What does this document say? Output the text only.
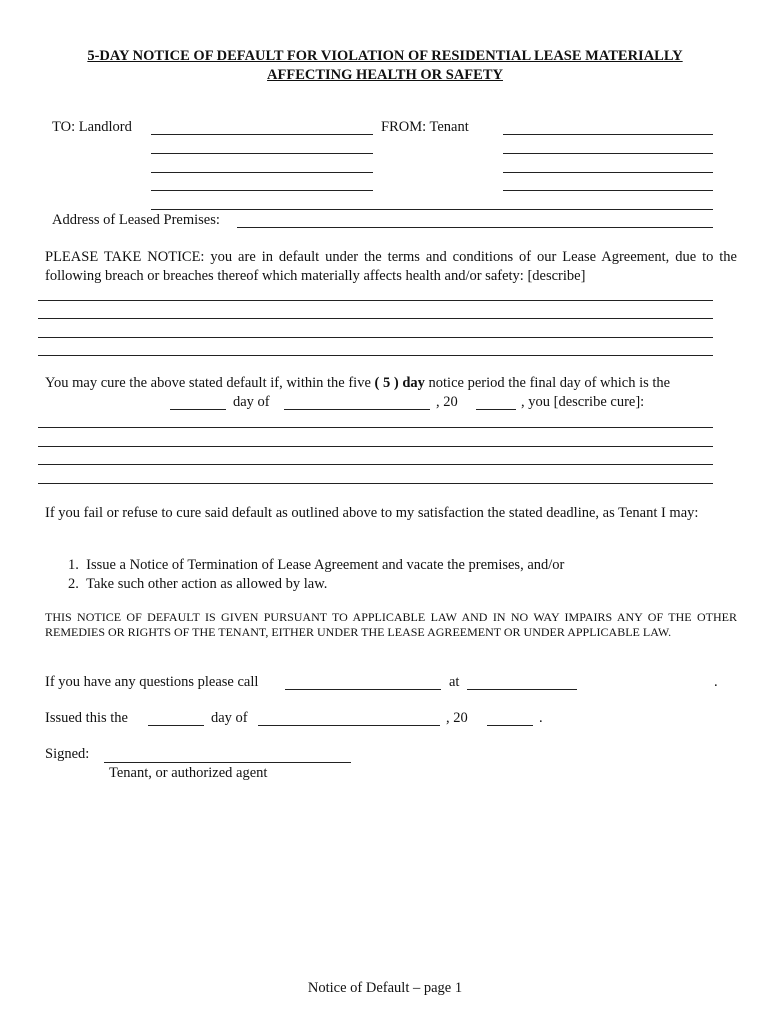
5-DAY NOTICE OF DEFAULT FOR VIOLATION OF RESIDENTIAL LEASE MATERIALLY
AFFECTING HEALTH OR SAFETY
TO: Landlord	FROM: Tenant
Address of Leased Premises:
PLEASE TAKE NOTICE: you are in default under the terms and conditions of our Lease Agreement, due to the following breach or breaches thereof which materially affects health and/or safety: [describe]
You may cure the above stated default if, within the five ( 5 ) day notice period the final day of which is the
day of	, 20	, you [describe cure]:
If you fail or refuse to cure said default as outlined above to my satisfaction the stated deadline, as Tenant I may:
1. Issue a Notice of Termination of Lease Agreement and vacate the premises, and/or
2. Take such other action as allowed by law.
THIS NOTICE OF DEFAULT IS GIVEN PURSUANT TO APPLICABLE LAW AND IN NO WAY IMPAIRS ANY OF THE OTHER REMEDIES OR RIGHTS OF THE TENANT, EITHER UNDER THE LEASE AGREEMENT OR UNDER APPLICABLE LAW.
If you have any questions please call	at	.
Issued this the	day of	, 20	.
Signed:
Tenant, or authorized agent
Notice of Default – page 1
